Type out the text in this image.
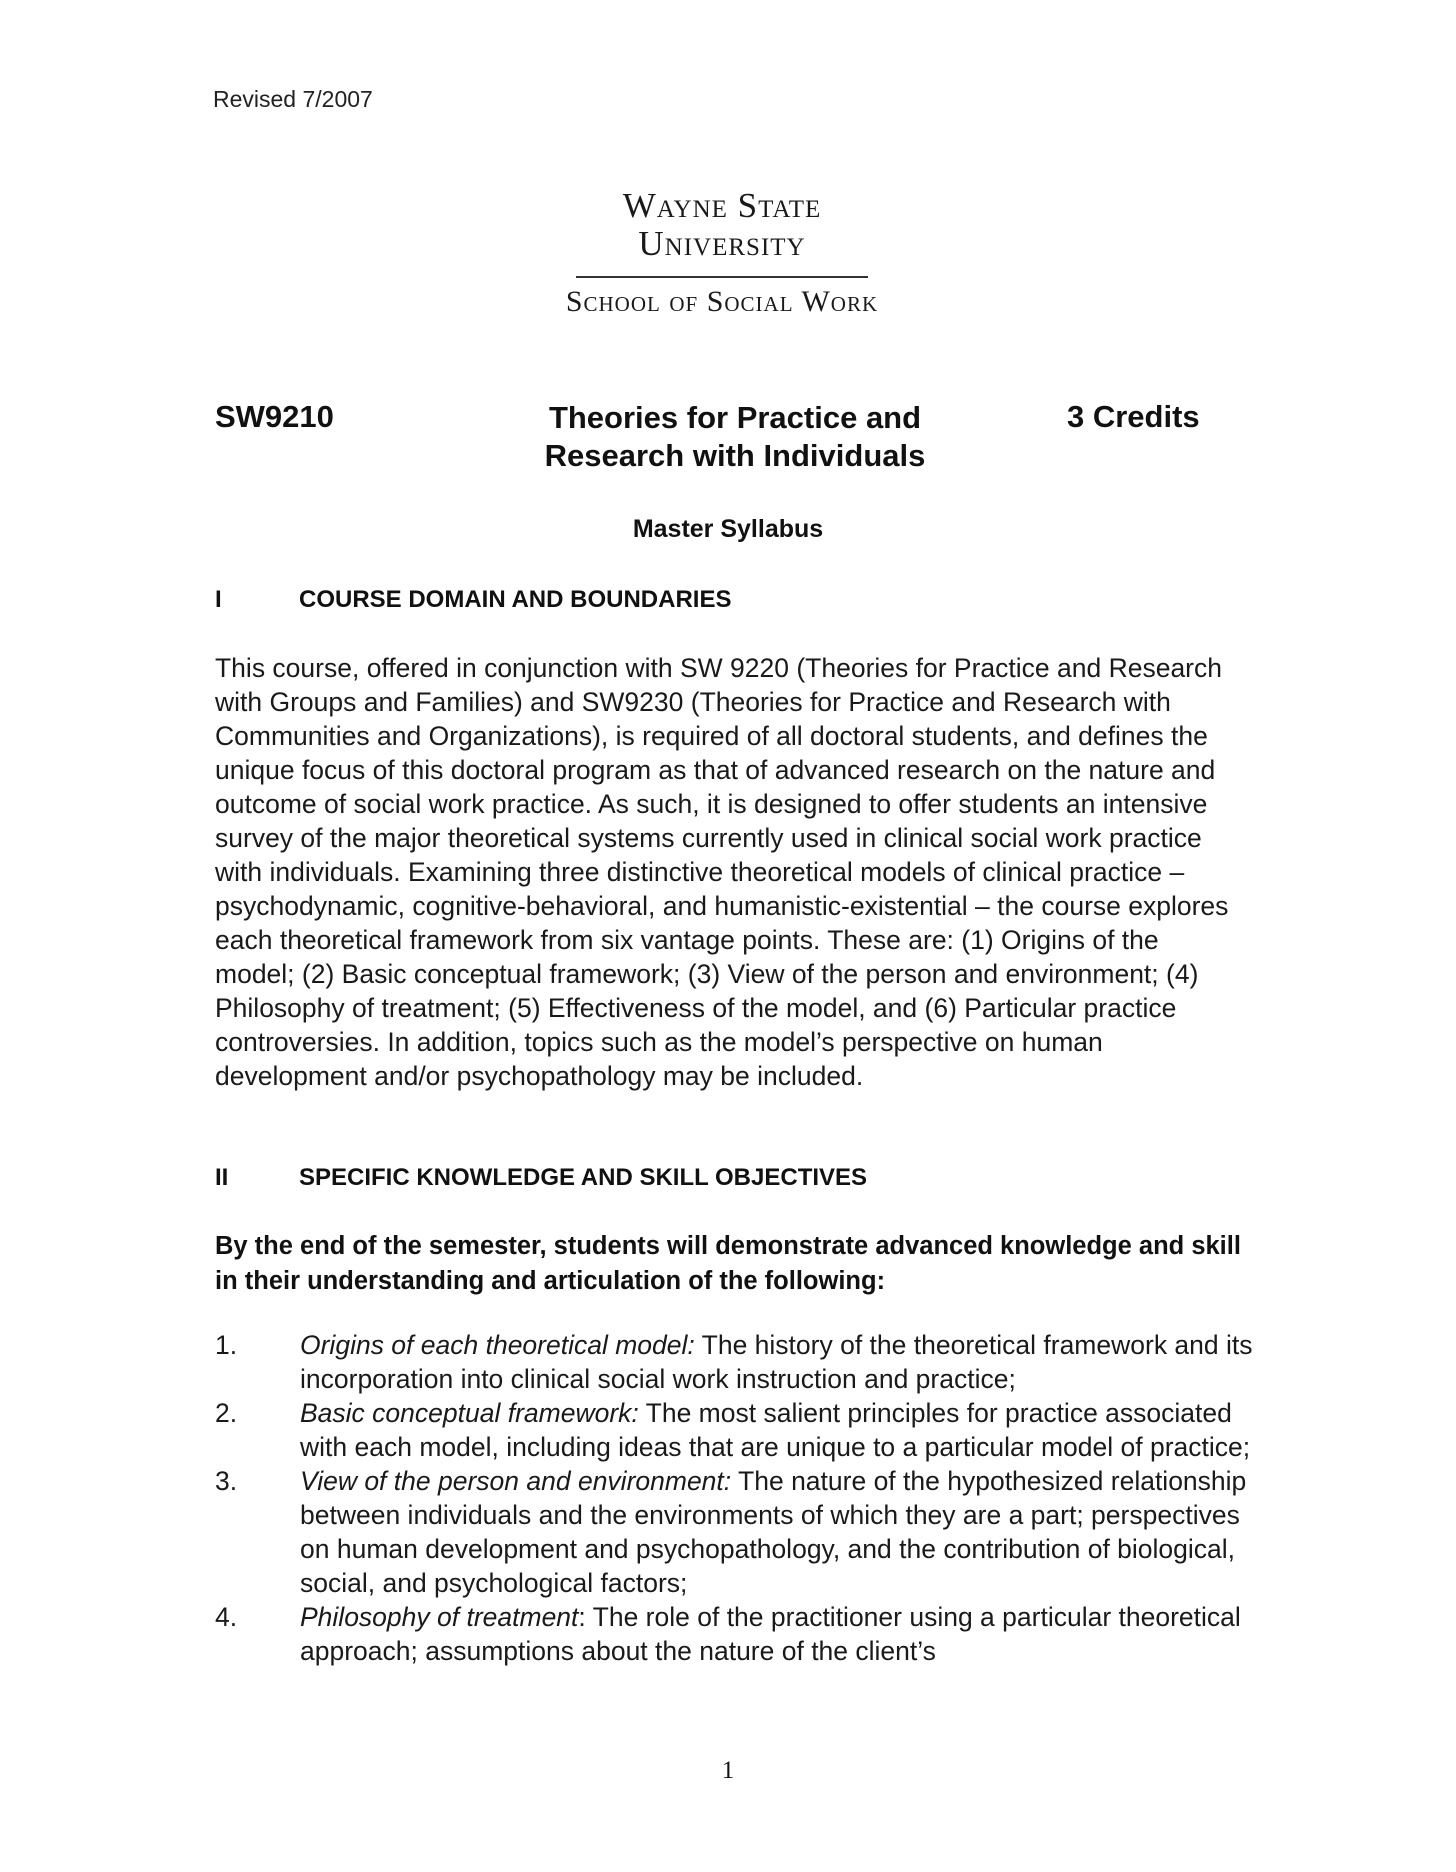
Revised 7/2007
Wayne State
University
School of Social Work
SW9210	Theories for Practice and Research with Individuals
3 Credits
Master Syllabus
I	COURSE DOMAIN AND BOUNDARIES
This course, offered in conjunction with SW 9220 (Theories for Practice and Research with Groups and Families) and SW9230 (Theories for Practice and Research with Communities and Organizations), is required of all doctoral students, and defines the unique focus of this doctoral program as that of advanced research on the nature and outcome of social work practice. As such, it is designed to offer students an intensive survey of the major theoretical systems currently used in clinical social work practice with individuals. Examining three distinctive theoretical models of clinical practice – psychodynamic, cognitive-behavioral, and humanistic-existential – the course explores each theoretical framework from six vantage points. These are: (1) Origins of the model; (2) Basic conceptual framework; (3) View of the person and environment; (4) Philosophy of treatment; (5) Effectiveness of the model, and (6) Particular practice controversies. In addition, topics such as the model’s perspective on human development and/or psychopathology may be included.
II	SPECIFIC KNOWLEDGE AND SKILL OBJECTIVES
By the end of the semester, students will demonstrate advanced knowledge and skill in their understanding and articulation of the following:

1. Origins of each theoretical model: The history of the theoretical framework and its incorporation into clinical social work instruction and practice;

2. Basic conceptual framework: The most salient principles for practice associated with each model, including ideas that are unique to a particular model of practice;

3. View of the person and environment: The nature of the hypothesized relationship between individuals and the environments of which they are a part; perspectives on human development and psychopathology, and the contribution of biological, social, and psychological factors;

4. Philosophy of treatment: The role of the practitioner using a particular theoretical approach; assumptions about the nature of the client’s

1
